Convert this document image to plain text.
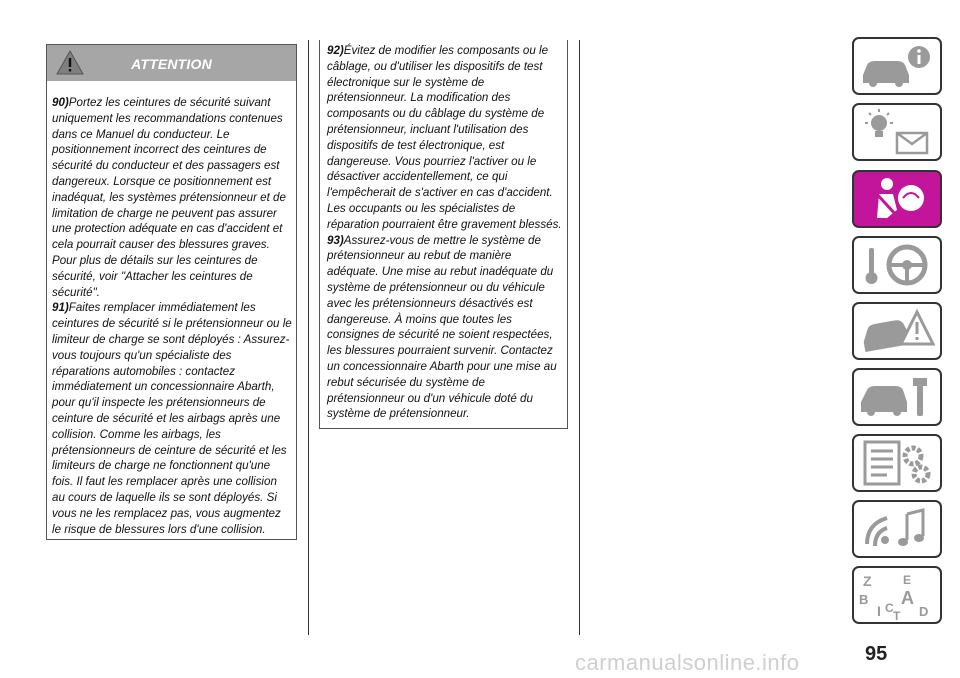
ATTENTION

90)Portez les ceintures de sécurité suivant uniquement les recommandations contenues dans ce Manuel du conducteur. Le positionnement incorrect des ceintures de sécurité du conducteur et des passagers est dangereux. Lorsque ce positionnement est inadéquat, les systèmes prétensionneur et de limitation de charge ne peuvent pas assurer une protection adéquate en cas d'accident et cela pourrait causer des blessures graves. Pour plus de détails sur les ceintures de sécurité, voir "Attacher les ceintures de sécurité".

91)Faites remplacer immédiatement les ceintures de sécurité si le prétensionneur ou le limiteur de charge se sont déployés : Assurez-vous toujours qu'un spécialiste des réparations automobiles : contactez immédiatement un concessionnaire Abarth, pour qu'il inspecte les prétensionneurs de ceinture de sécurité et les airbags après une collision. Comme les airbags, les prétensionneurs de ceinture de sécurité et les limiteurs de charge ne fonctionnent qu'une fois. Il faut les remplacer après une collision au cours de laquelle ils se sont déployés. Si vous ne les remplacez pas, vous augmentez le risque de blessures lors d'une collision.

92)Évitez de modifier les composants ou le câblage, ou d'utiliser les dispositifs de test électronique sur le système de prétensionneur. La modification des composants ou du câblage du système de prétensionneur, incluant l'utilisation des dispositifs de test électronique, est dangereuse. Vous pourriez l'activer ou le désactiver accidentellement, ce qui l'empêcherait de s'activer en cas d'accident. Les occupants ou les spécialistes de réparation pourraient être gravement blessés.

93)Assurez-vous de mettre le système de prétensionneur au rebut de manière adéquate. Une mise au rebut inadéquate du système de prétensionneur ou du véhicule avec les prétensionneurs désactivés est dangereuse. À moins que toutes les consignes de sécurité ne soient respectées, les blessures pourraient survenir. Contactez un concessionnaire Abarth pour une mise au rebut sécurisée du système de prétensionneur ou d'un véhicule doté du système de prétensionneur.

Z	E
B A
I C D
T
carmanualsonline.info	95
